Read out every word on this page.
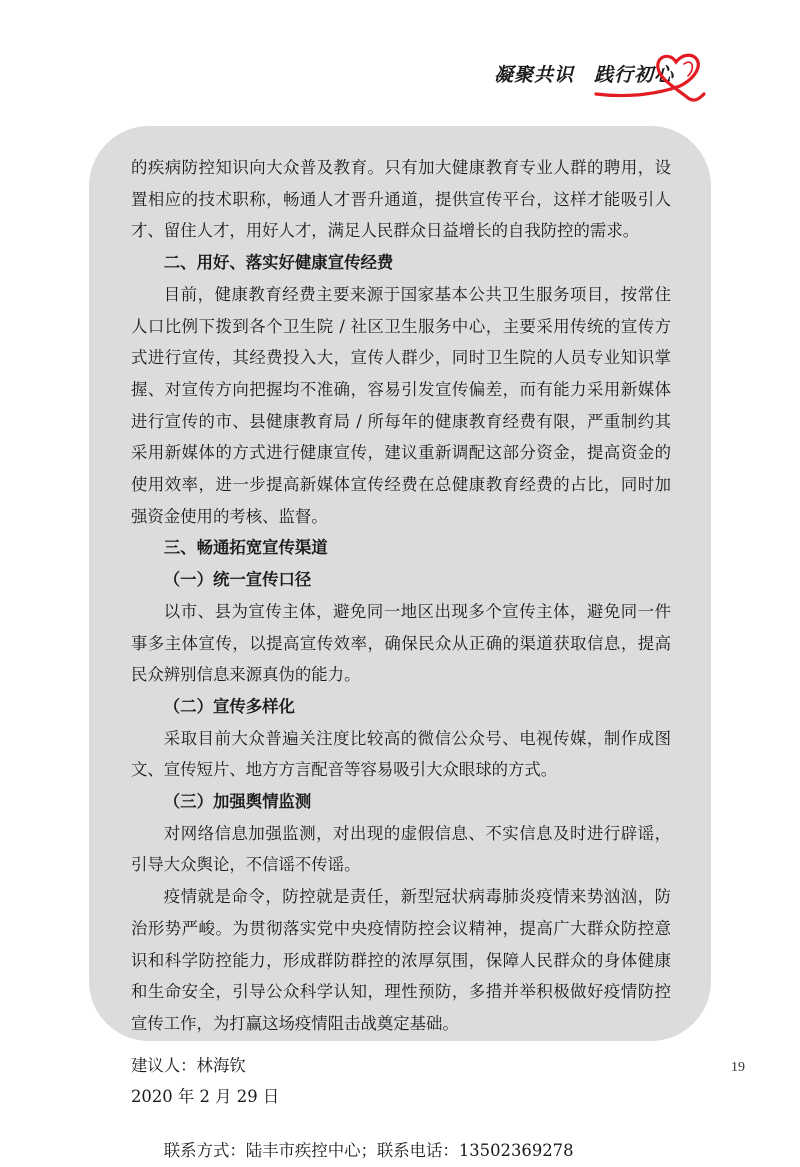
凝聚共识　践行初心

的疾病防控知识向大众普及教育。只有加大健康教育专业人群的聘用，设置相应的技术职称，畅通人才晋升通道，提供宣传平台，这样才能吸引人才、留住人才，用好人才，满足人民群众日益增长的自我防控的需求。

二、用好、落实好健康宣传经费

目前，健康教育经费主要来源于国家基本公共卫生服务项目，按常住人口比例下拨到各个卫生院 / 社区卫生服务中心，主要采用传统的宣传方式进行宣传，其经费投入大，宣传人群少，同时卫生院的人员专业知识掌握、对宣传方向把握均不准确，容易引发宣传偏差，而有能力采用新媒体进行宣传的市、县健康教育局 / 所每年的健康教育经费有限，严重制约其采用新媒体的方式进行健康宣传，建议重新调配这部分资金，提高资金的使用效率，进一步提高新媒体宣传经费在总健康教育经费的占比，同时加强资金使用的考核、监督。

三、畅通拓宽宣传渠道

（一）统一宣传口径

以市、县为宣传主体，避免同一地区出现多个宣传主体，避免同一件事多主体宣传，以提高宣传效率，确保民众从正确的渠道获取信息，提高民众辨别信息来源真伪的能力。

（二）宣传多样化

采取目前大众普遍关注度比较高的微信公众号、电视传媒，制作成图文、宣传短片、地方方言配音等容易吸引大众眼球的方式。

（三）加强舆情监测

对网络信息加强监测，对出现的虚假信息、不实信息及时进行辟谣，引导大众舆论，不信谣不传谣。

疫情就是命令，防控就是责任，新型冠状病毒肺炎疫情来势汹汹，防治形势严峻。为贯彻落实党中央疫情防控会议精神，提高广大群众防控意识和科学防控能力，形成群防群控的浓厚氛围，保障人民群众的身体健康和生命安全，引导公众科学认知，理性预防，多措并举积极做好疫情防控宣传工作，为打赢这场疫情阻击战奠定基础。

建议人：林海钦

2020 年 2 月 29 日

联系方式：陆丰市疾控中心；联系电话：13502369278

19
